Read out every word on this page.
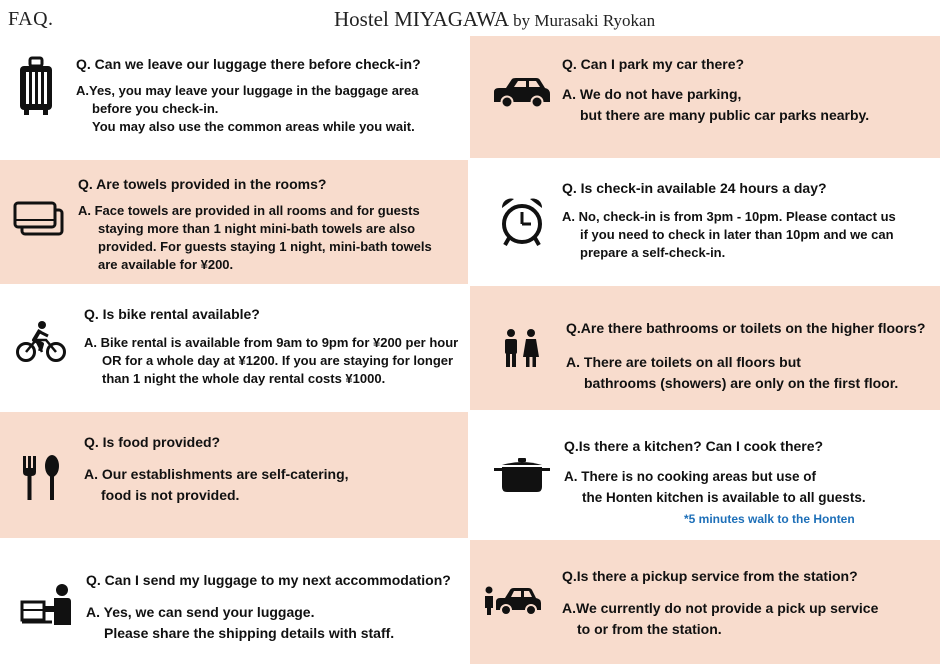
FAQ.	Hostel MIYAGAWA by Murasaki Ryokan
Q. Can we leave our luggage there before check-in?
A.Yes, you may leave your luggage in the baggage area
before you check-in.
You may also use the common areas while you wait.
Q. Can I park my car there?
A. We do not have parking,
but there are many public car parks nearby.
Q. Are towels provided in the rooms?
A. Face towels are provided in all rooms and for guests
staying more than 1 night mini-bath towels are also
provided. For guests staying 1 night, mini-bath towels
are available for ¥200.
Q. Is check-in available 24 hours a day?
A. No, check-in is from 3pm - 10pm. Please contact us
if you need to check in later than 10pm and we can
prepare a self-check-in.
Q. Is bike rental available?
A. Bike rental is available from 9am to 9pm for ¥200 per hour
OR for a whole day at ¥1200. If you are staying for longer
than 1 night the whole day rental costs ¥1000.
Q.Are there bathrooms or toilets on the higher floors?
A. There are toilets on all floors but
bathrooms (showers) are only on the first floor.
Q. Is food provided?
A. Our establishments are self-catering,
food is not provided.
Q.Is there a kitchen? Can I cook there?
A. There is no cooking areas but use of
the Honten kitchen is available to all guests.
*5 minutes walk to the Honten
Q. Can I send my luggage to my next accommodation?
A. Yes, we can send your luggage.
Please share the shipping details with staff.
Q.Is there a pickup service from the station?
A.We currently do not provide a pick up service
to or from the station.
